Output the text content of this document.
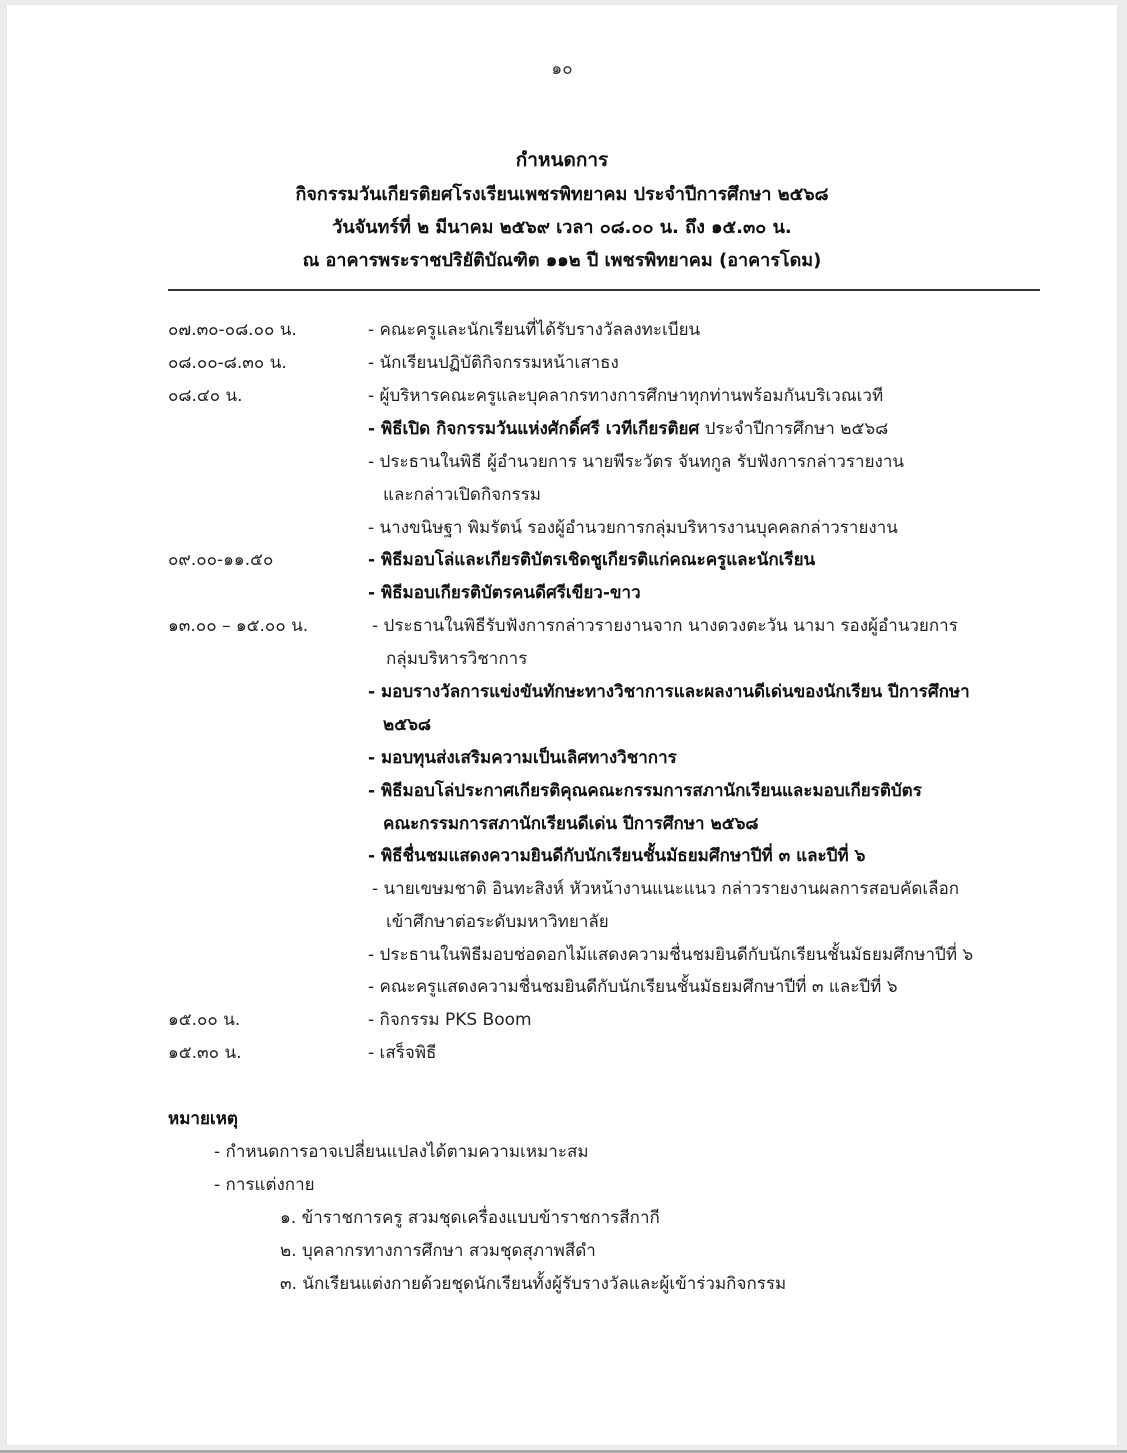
๑๐
กำหนดการ
กิจกรรมวันเกียรติยศโรงเรียนเพชรพิทยาคม ประจำปีการศึกษา ๒๕๖๘
วันจันทร์ที่ ๒ มีนาคม ๒๕๖๙ เวลา ๐๘.๐๐ น. ถึง ๑๕.๓๐ น.
ณ อาคารพระราชปริยัติบัณฑิต ๑๑๒ ปี เพชรพิทยาคม (อาคารโดม)
๐๗.๓๐-๐๘.๐๐ น.
๐๘.๐๐-๘.๓๐ น.
๐๘.๔๐ น.
๐๙.๐๐-๑๑.๕๐
๑๓.๐๐ – ๑๕.๐๐ น.
๑๕.๐๐ น.
๑๕.๓๐ น.
- คณะครูและนักเรียนที่ได้รับรางวัลลงทะเบียน
- นักเรียนปฏิบัติกิจกรรมหน้าเสาธง
- ผู้บริหารคณะครูและบุคลากรทางการศึกษาทุกท่านพร้อมกันบริเวณเวที
- พิธีเปิด กิจกรรมวันแห่งศักดิ์ศรี เวทีเกียรติยศ ประจำปีการศึกษา ๒๕๖๘
- ประธานในพิธี ผู้อำนวยการ นายพีระวัตร จันทกูล รับฟังการกล่าวรายงาน
และกล่าวเปิดกิจกรรม
- นางขนิษฐา พิมรัตน์ รองผู้อำนวยการกลุ่มบริหารงานบุคคลกล่าวรายงาน
- พิธีมอบโล่และเกียรติบัตรเชิดชูเกียรติแก่คณะครูและนักเรียน
- พิธีมอบเกียรติบัตรคนดีศรีเขียว-ขาว
- ประธานในพิธีรับฟังการกล่าวรายงานจาก นางดวงตะวัน นามา รองผู้อำนวยการ
กลุ่มบริหารวิชาการ
- มอบรางวัลการแข่งขันทักษะทางวิชาการและผลงานดีเด่นของนักเรียน ปีการศึกษา
๒๕๖๘
- มอบทุนส่งเสริมความเป็นเลิศทางวิชาการ
- พิธีมอบโล่ประกาศเกียรติคุณคณะกรรมการสภานักเรียนและมอบเกียรติบัตร
คณะกรรมการสภานักเรียนดีเด่น ปีการศึกษา ๒๕๖๘
- พิธีชื่นชมแสดงความยินดีกับนักเรียนชั้นมัธยมศึกษาปีที่ ๓ และปีที่ ๖
- นายเขษมชาติ อินทะสิงห์ หัวหน้างานแนะแนว กล่าวรายงานผลการสอบคัดเลือก
เข้าศึกษาต่อระดับมหาวิทยาลัย
- ประธานในพิธีมอบช่อดอกไม้แสดงความชื่นชมยินดีกับนักเรียนชั้นมัธยมศึกษาปีที่ ๖
- คณะครูแสดงความชื่นชมยินดีกับนักเรียนชั้นมัธยมศึกษาปีที่ ๓ และปีที่ ๖
- กิจกรรม PKS Boom
- เสร็จพิธี
หมายเหตุ
- กำหนดการอาจเปลี่ยนแปลงได้ตามความเหมาะสม
- การแต่งกาย
๑. ข้าราชการครู สวมชุดเครื่องแบบข้าราชการสีกากี
๒. บุคลากรทางการศึกษา สวมชุดสุภาพสีดำ
๓. นักเรียนแต่งกายด้วยชุดนักเรียนทั้งผู้รับรางวัลและผู้เข้าร่วมกิจกรรม
